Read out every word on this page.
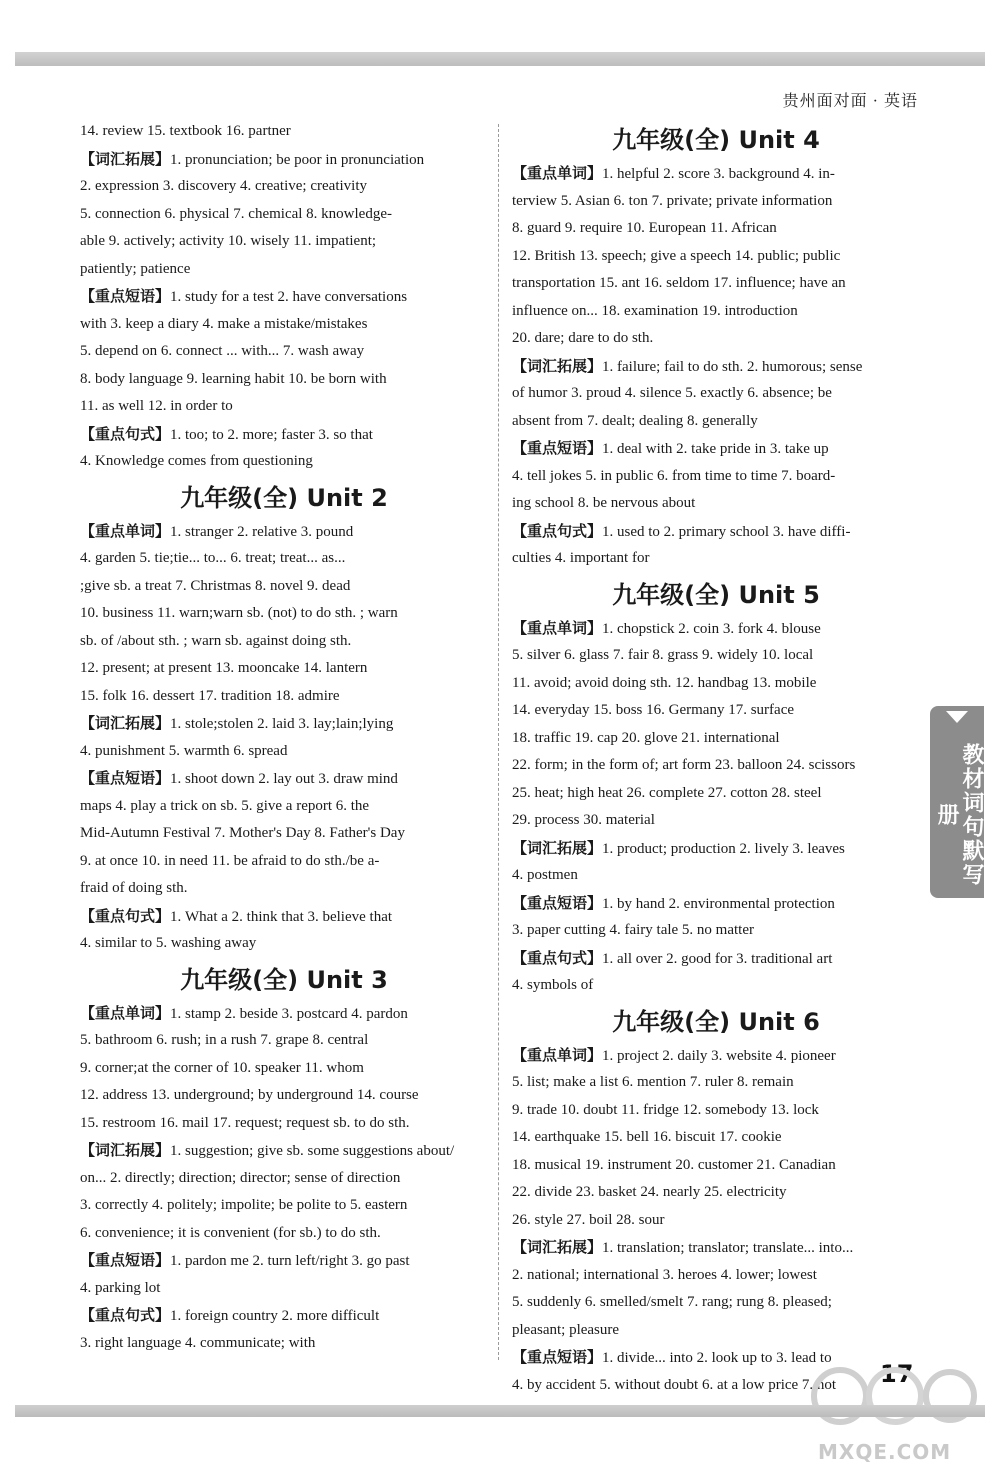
贵州面对面 · 英语
14. review 15. textbook 16. partner
【词汇拓展】1. pronunciation; be poor in pronunciation
2. expression 3. discovery 4. creative; creativity
5. connection 6. physical 7. chemical 8. knowledge-
able 9. actively; activity 10. wisely 11. impatient;
patiently; patience
【重点短语】1. study for a test 2. have conversations
with 3. keep a diary 4. make a mistake/mistakes
5. depend on 6. connect ... with... 7. wash away
8. body language 9. learning habit 10. be born with
11. as well 12. in order to
【重点句式】1. too; to 2. more; faster 3. so that
4. Knowledge comes from questioning
九年级(全) Unit 2
【重点单词】1. stranger 2. relative 3. pound
4. garden 5. tie;tie... to... 6. treat; treat... as...
;give sb. a treat 7. Christmas 8. novel 9. dead
10. business 11. warn;warn sb. (not) to do sth. ; warn
sb. of /about sth. ; warn sb. against doing sth.
12. present; at present 13. mooncake 14. lantern
15. folk 16. dessert 17. tradition 18. admire
【词汇拓展】1. stole;stolen 2. laid 3. lay;lain;lying
4. punishment 5. warmth 6. spread
【重点短语】1. shoot down 2. lay out 3. draw mind
maps 4. play a trick on sb. 5. give a report 6. the
Mid-Autumn Festival 7. Mother's Day 8. Father's Day
9. at once 10. in need 11. be afraid to do sth./be a-
fraid of doing sth.
【重点句式】1. What a 2. think that 3. believe that
4. similar to 5. washing away
九年级(全) Unit 3
【重点单词】1. stamp 2. beside 3. postcard 4. pardon
5. bathroom 6. rush; in a rush 7. grape 8. central
9. corner;at the corner of 10. speaker 11. whom
12. address 13. underground; by underground 14. course
15. restroom 16. mail 17. request; request sb. to do sth.
【词汇拓展】1. suggestion; give sb. some suggestions about/
on... 2. directly; direction; director; sense of direction
3. correctly 4. politely; impolite; be polite to 5. eastern
6. convenience; it is convenient (for sb.) to do sth.
【重点短语】1. pardon me 2. turn left/right 3. go past
4. parking lot
【重点句式】1. foreign country 2. more difficult
3. right language 4. communicate; with
九年级(全) Unit 4
【重点单词】1. helpful 2. score 3. background 4. in-
terview 5. Asian 6. ton 7. private; private information
8. guard 9. require 10. European 11. African
12. British 13. speech; give a speech 14. public; public
transportation 15. ant 16. seldom 17. influence; have an
influence on... 18. examination 19. introduction
20. dare; dare to do sth.
【词汇拓展】1. failure; fail to do sth. 2. humorous; sense
of humor 3. proud 4. silence 5. exactly 6. absence; be
absent from 7. dealt; dealing 8. generally
【重点短语】1. deal with 2. take pride in 3. take up
4. tell jokes 5. in public 6. from time to time 7. board-
ing school 8. be nervous about
【重点句式】1. used to 2. primary school 3. have diffi-
culties 4. important for
九年级(全) Unit 5
【重点单词】1. chopstick 2. coin 3. fork 4. blouse
5. silver 6. glass 7. fair 8. grass 9. widely 10. local
11. avoid; avoid doing sth. 12. handbag 13. mobile
14. everyday 15. boss 16. Germany 17. surface
18. traffic 19. cap 20. glove 21. international
22. form; in the form of; art form 23. balloon 24. scissors
25. heat; high heat 26. complete 27. cotton 28. steel
29. process 30. material
【词汇拓展】1. product; production 2. lively 3. leaves
4. postmen
【重点短语】1. by hand 2. environmental protection
3. paper cutting 4. fairy tale 5. no matter
【重点句式】1. all over 2. good for 3. traditional art
4. symbols of
九年级(全) Unit 6
【重点单词】1. project 2. daily 3. website 4. pioneer
5. list; make a list 6. mention 7. ruler 8. remain
9. trade 10. doubt 11. fridge 12. somebody 13. lock
14. earthquake 15. bell 16. biscuit 17. cookie
18. musical 19. instrument 20. customer 21. Canadian
22. divide 23. basket 24. nearly 25. electricity
26. style 27. boil 28. sour
【词汇拓展】1. translation; translator; translate... into...
2. national; international 3. heroes 4. lower; lowest
5. suddenly 6. smelled/smelt 7. rang; rung 8. pleased;
pleasant; pleasure
【重点短语】1. divide... into 2. look up to 3. lead to
4. by accident 5. without doubt 6. at a low price 7. not
教材词句默写册
17
MXQE.COM
